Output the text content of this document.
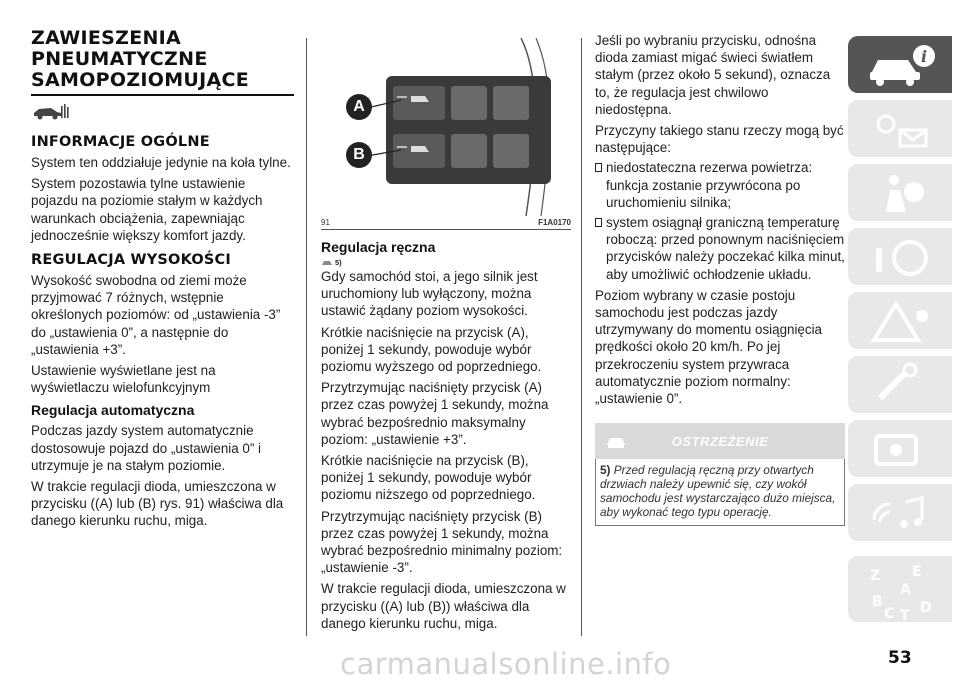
ZAWIESZENIA
PNEUMATYCZNE
SAMOPOZIOMUJĄCE
INFORMACJE OGÓLNE

System ten oddziałuje jedynie na koła tylne.

System pozostawia tylne ustawienie pojazdu na poziomie stałym w każdych warunkach obciążenia, zapewniając jednocześnie większy komfort jazdy.

REGULACJA WYSOKOŚCI

Wysokość swobodna od ziemi może przyjmować 7 różnych, wstępnie określonych poziomów: od „ustawienia -3” do „ustawienia 0”, a następnie do „ustawienia +3”.

Ustawienie wyświetlane jest na wyświetlaczu wielofunkcyjnym

Regulacja automatyczna

Podczas jazdy system automatycznie dostosowuje pojazd do „ustawienia 0” i utrzymuje je na stałym poziomie.

W trakcie regulacji dioda, umieszczona w przycisku ((A) lub (B) rys. 91) właściwa dla danego kierunku ruchu, miga.

A
B
91	F1A0170
Regulacja ręczna
5)

Gdy samochód stoi, a jego silnik jest uruchomiony lub wyłączony, można ustawić żądany poziom wysokości.

Krótkie naciśnięcie na przycisk (A), poniżej 1 sekundy, powoduje wybór poziomu wyższego od poprzedniego.

Przytrzymując naciśnięty przycisk (A) przez czas powyżej 1 sekundy, można wybrać bezpośrednio maksymalny poziom: „ustawienie +3”.

Krótkie naciśnięcie na przycisk (B), poniżej 1 sekundy, powoduje wybór poziomu niższego od poprzedniego.

Przytrzymując naciśnięty przycisk (B) przez czas powyżej 1 sekundy, można wybrać bezpośrednio minimalny poziom: „ustawienie -3”.

W trakcie regulacji dioda, umieszczona w przycisku ((A) lub (B)) właściwa dla danego kierunku ruchu, miga.

Jeśli po wybraniu przycisku, odnośna dioda zamiast migać świeci światłem stałym (przez około 5 sekund), oznacza to, że regulacja jest chwilowo niedostępna.

Przyczyny takiego stanu rzeczy mogą być następujące:

niedostateczna rezerwa powietrza: funkcja zostanie przywrócona po uruchomieniu silnika;
system osiągnął graniczną temperaturę roboczą: przed ponownym naciśnięciem przycisków należy poczekać kilka minut, aby umożliwić ochłodzenie układu.

Poziom wybrany w czasie postoju samochodu jest podczas jazdy utrzymywany do momentu osiągnięcia prędkości około 20 km/h. Po jej przekroczeniu system przywraca automatycznie poziom normalny: „ustawienie 0”.

OSTRZEŻENIE
5) Przed regulacją ręczną przy otwartych drzwiach należy upewnić się, czy wokół samochodu jest wystarczająco dużo miejsca, aby wykonać tego typu operację.
i
Z E
A
B
C T D
carmanualsonline.info	53
